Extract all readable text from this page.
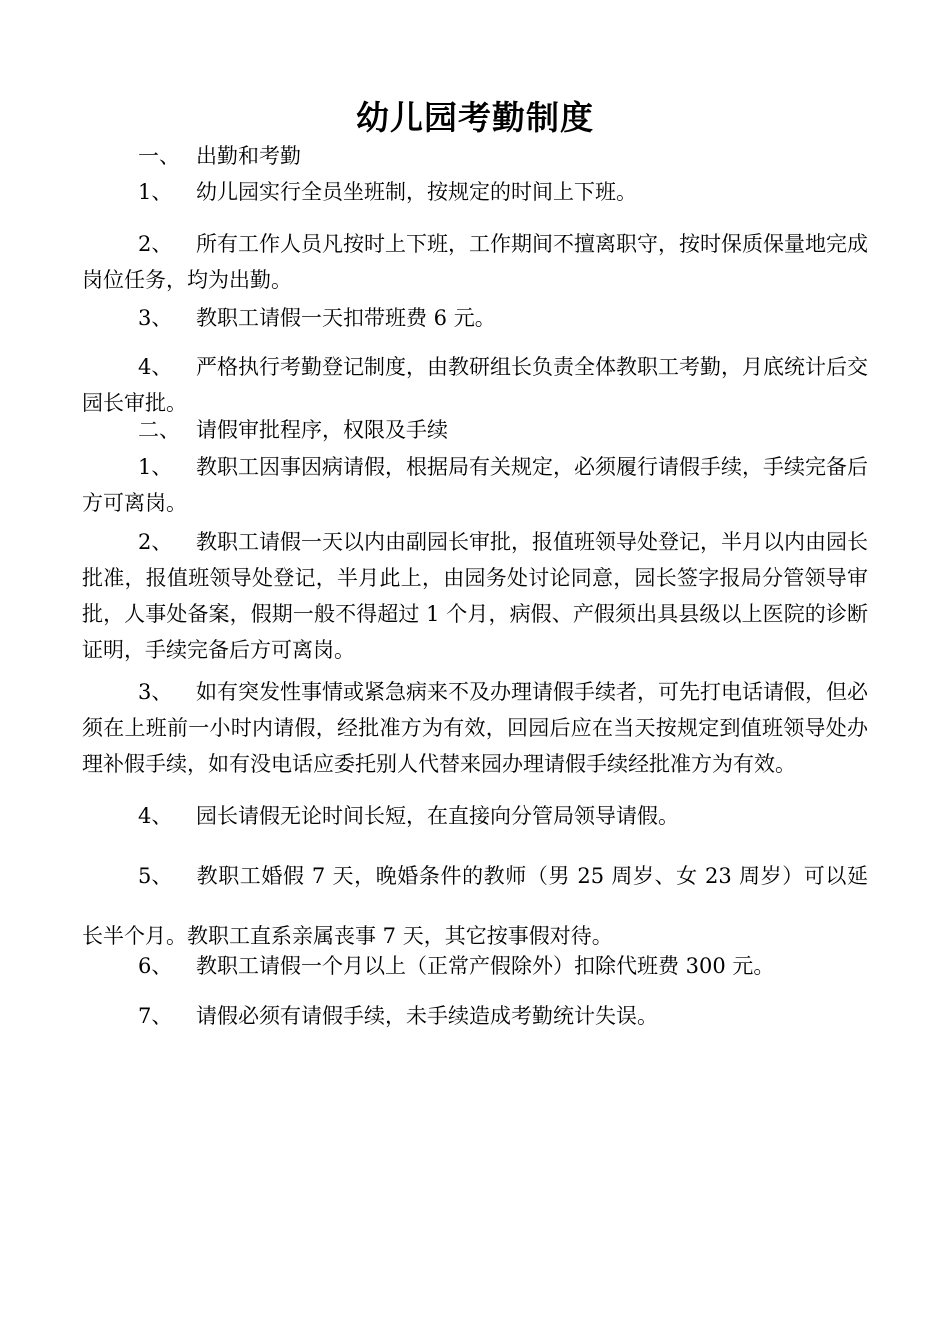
幼儿园考勤制度
一、 出勤和考勤
1、 幼儿园实行全员坐班制，按规定的时间上下班。
2、 所有工作人员凡按时上下班，工作期间不擅离职守，按时保质保量地完成岗位任务，均为出勤。
3、 教职工请假一天扣带班费 6 元。
4、 严格执行考勤登记制度，由教研组长负责全体教职工考勤，月底统计后交园长审批。
二、 请假审批程序，权限及手续
1、 教职工因事因病请假，根据局有关规定，必须履行请假手续，手续完备后方可离岗。
2、 教职工请假一天以内由副园长审批，报值班领导处登记，半月以内由园长批准，报值班领导处登记，半月此上，由园务处讨论同意，园长签字报局分管领导审批，人事处备案，假期一般不得超过 1 个月，病假、产假须出具县级以上医院的诊断证明，手续完备后方可离岗。
3、 如有突发性事情或紧急病来不及办理请假手续者，可先打电话请假，但必须在上班前一小时内请假，经批准方为有效，回园后应在当天按规定到值班领导处办理补假手续，如有没电话应委托别人代替来园办理请假手续经批准方为有效。
4、 园长请假无论时间长短，在直接向分管局领导请假。
5、 教职工婚假 7 天，晚婚条件的教师（男 25 周岁、女 23 周岁）可以延长半个月。教职工直系亲属丧事 7 天，其它按事假对待。
6、 教职工请假一个月以上（正常产假除外）扣除代班费 300 元。
7、 请假必须有请假手续，未手续造成考勤统计失误。
